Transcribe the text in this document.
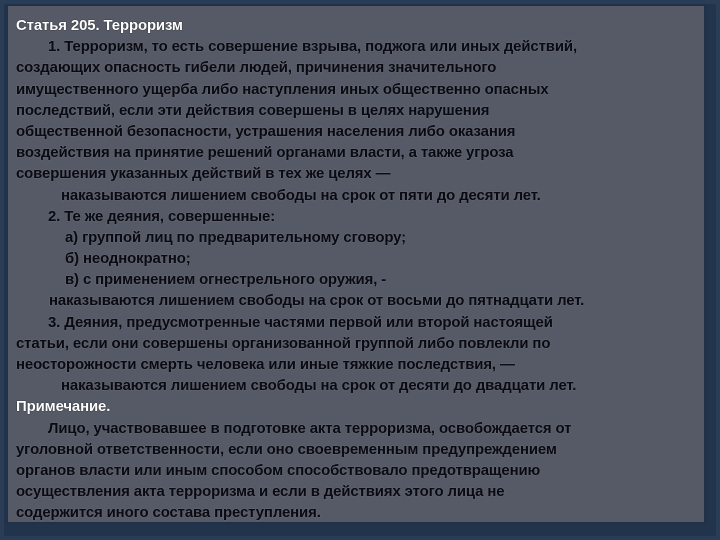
Статья 205. Терроризм
1. Терроризм, то есть совершение взрыва, поджога или иных действий,
создающих опасность гибели людей, причинения значительного
имущественного ущерба либо наступления иных общественно опасных
последствий, если эти действия совершены в целях нарушения
общественной безопасности, устрашения населения либо оказания
воздействия на принятие решений органами власти, а также угроза
совершения указанных действий в тех же целях —
наказываются лишением свободы на срок от пяти до десяти лет.
2. Те же деяния, совершенные:
а) группой лиц по предварительному сговору;
б) неоднократно;
в) с применением огнестрельного оружия, -
наказываются лишением свободы на срок от восьми до пятнадцати лет.
3. Деяния, предусмотренные частями первой или второй настоящей
статьи, если они совершены организованной группой либо повлекли по
неосторожности смерть человека или иные тяжкие последствия, —
наказываются лишением свободы на срок от десяти до двадцати лет.
Примечание.
Лицо, участвовавшее в подготовке акта терроризма, освобождается от
уголовной ответственности, если оно своевременным предупреждением
органов власти или иным способом способствовало предотвращению
осуществления акта терроризма и если в действиях этого лица не
содержится иного состава преступления.
